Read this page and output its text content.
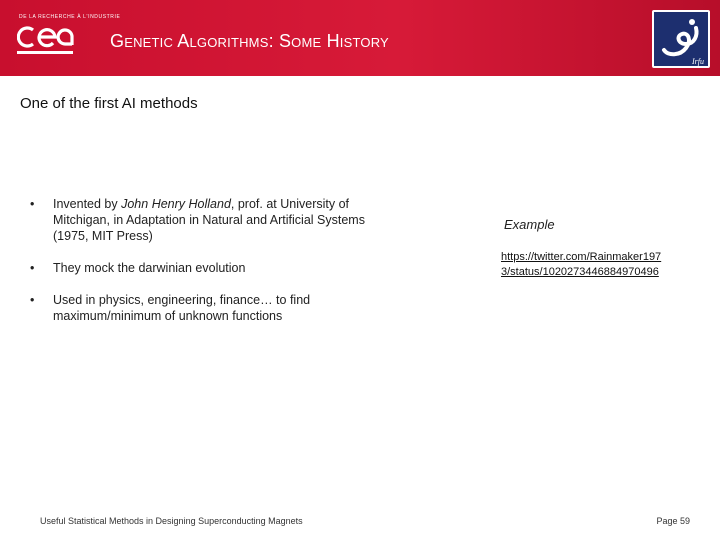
DE LA RECHERCHE À L'INDUSTRIE
Genetic Algorithms: Some History
Irfu
One of the first AI methods
• Invented by John Henry Holland, prof. at University of Mitchigan, in Adaptation in Natural and Artificial Systems (1975, MIT Press)
• They mock the darwinian evolution
• Used in physics, engineering, finance… to find maximum/minimum of unknown functions
Example
https://twitter.com/Rainmaker1973/status/1020273446884970496
Useful Statistical Methods in Designing Superconducting Magnets	Page 59
